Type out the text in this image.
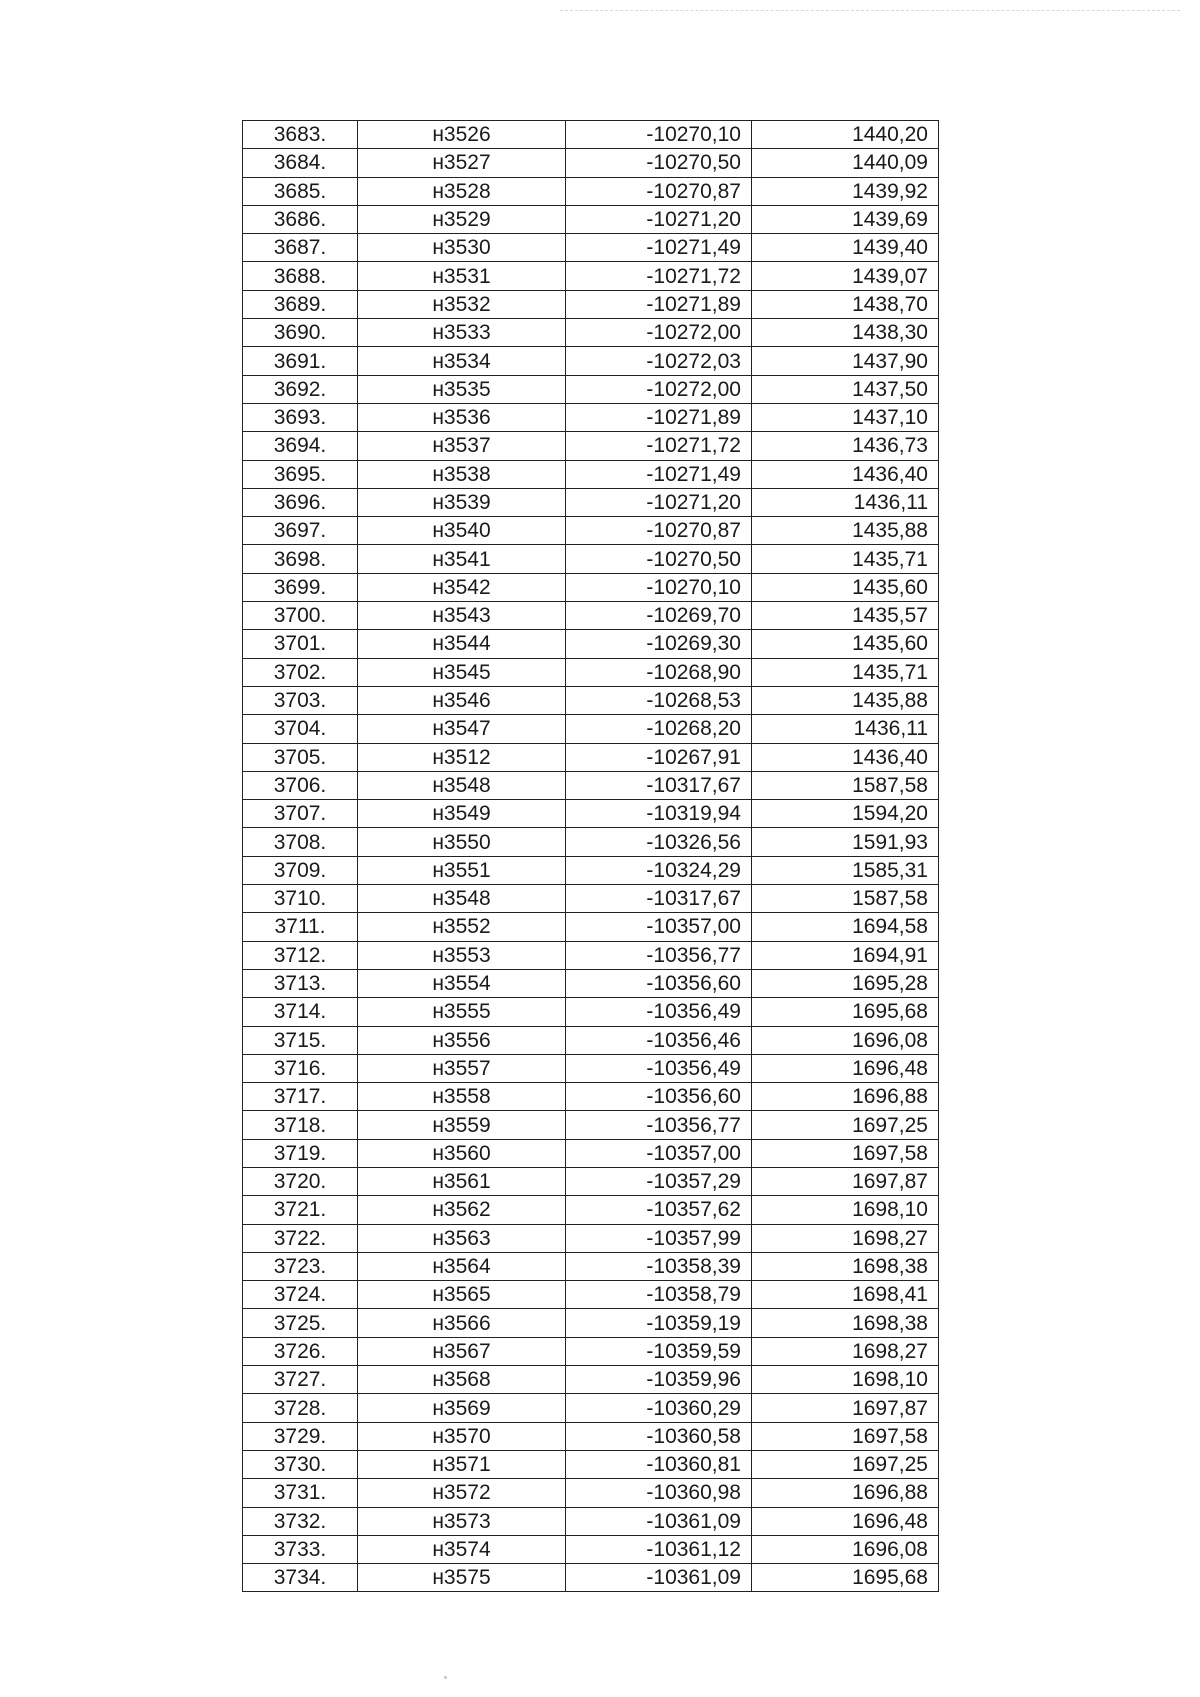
3683.	н3526	-10270,10	1440,20
3684.	н3527	-10270,50	1440,09
3685.	н3528	-10270,87	1439,92
3686.	н3529	-10271,20	1439,69
3687.	н3530	-10271,49	1439,40
3688.	н3531	-10271,72	1439,07
3689.	н3532	-10271,89	1438,70
3690.	н3533	-10272,00	1438,30
3691.	н3534	-10272,03	1437,90
3692.	н3535	-10272,00	1437,50
3693.	н3536	-10271,89	1437,10
3694.	н3537	-10271,72	1436,73
3695.	н3538	-10271,49	1436,40
3696.	н3539	-10271,20	1436,11
3697.	н3540	-10270,87	1435,88
3698.	н3541	-10270,50	1435,71
3699.	н3542	-10270,10	1435,60
3700.	н3543	-10269,70	1435,57
3701.	н3544	-10269,30	1435,60
3702.	н3545	-10268,90	1435,71
3703.	н3546	-10268,53	1435,88
3704.	н3547	-10268,20	1436,11
3705.	н3512	-10267,91	1436,40
3706.	н3548	-10317,67	1587,58
3707.	н3549	-10319,94	1594,20
3708.	н3550	-10326,56	1591,93
3709.	н3551	-10324,29	1585,31
3710.	н3548	-10317,67	1587,58
3711.	н3552	-10357,00	1694,58
3712.	н3553	-10356,77	1694,91
3713.	н3554	-10356,60	1695,28
3714.	н3555	-10356,49	1695,68
3715.	н3556	-10356,46	1696,08
3716.	н3557	-10356,49	1696,48
3717.	н3558	-10356,60	1696,88
3718.	н3559	-10356,77	1697,25
3719.	н3560	-10357,00	1697,58
3720.	н3561	-10357,29	1697,87
3721.	н3562	-10357,62	1698,10
3722.	н3563	-10357,99	1698,27
3723.	н3564	-10358,39	1698,38
3724.	н3565	-10358,79	1698,41
3725.	н3566	-10359,19	1698,38
3726.	н3567	-10359,59	1698,27
3727.	н3568	-10359,96	1698,10
3728.	н3569	-10360,29	1697,87
3729.	н3570	-10360,58	1697,58
3730.	н3571	-10360,81	1697,25
3731.	н3572	-10360,98	1696,88
3732.	н3573	-10361,09	1696,48
3733.	н3574	-10361,12	1696,08
3734.	н3575	-10361,09	1695,68
